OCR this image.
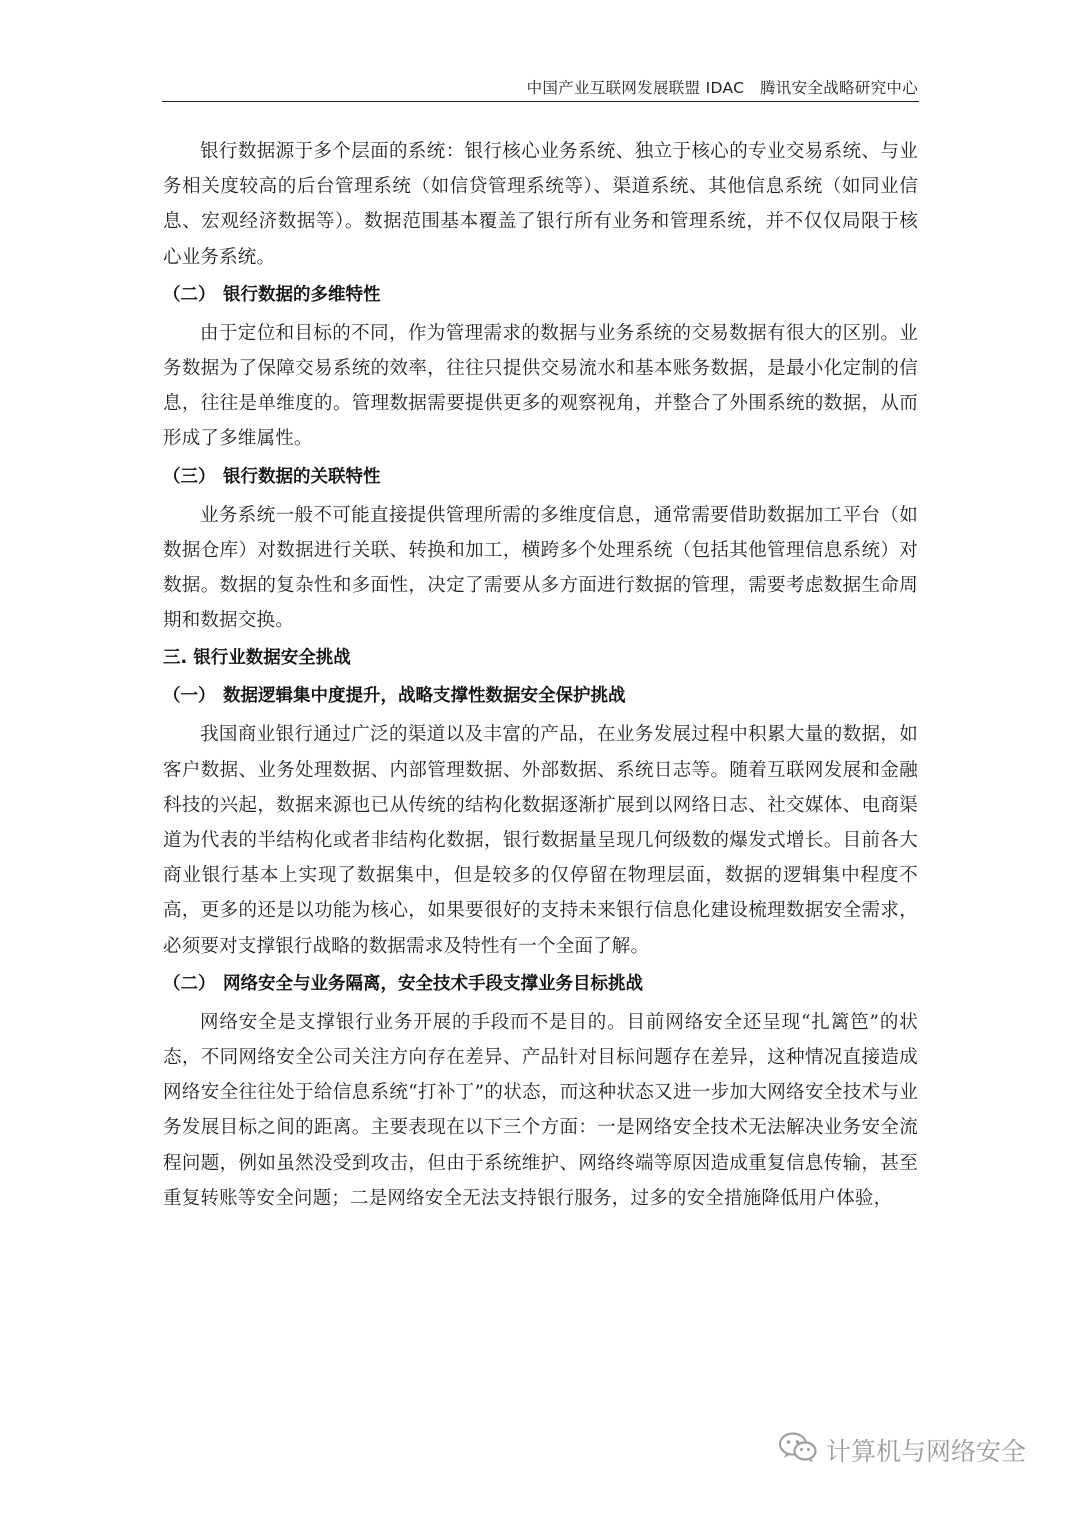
中国产业互联网发展联盟 IDAC　腾讯安全战略研究中心

银行数据源于多个层面的系统：银行核心业务系统、独立于核心的专业交易系统、与业务相关度较高的后台管理系统（如信贷管理系统等）、渠道系统、其他信息系统（如同业信息、宏观经济数据等）。数据范围基本覆盖了银行所有业务和管理系统，并不仅仅局限于核心业务系统。

（二） 银行数据的多维特性

由于定位和目标的不同，作为管理需求的数据与业务系统的交易数据有很大的区别。业务数据为了保障交易系统的效率，往往只提供交易流水和基本账务数据，是最小化定制的信息，往往是单维度的。管理数据需要提供更多的观察视角，并整合了外围系统的数据，从而形成了多维属性。

（三） 银行数据的关联特性

业务系统一般不可能直接提供管理所需的多维度信息，通常需要借助数据加工平台（如数据仓库）对数据进行关联、转换和加工，横跨多个处理系统（包括其他管理信息系统）对数据。数据的复杂性和多面性，决定了需要从多方面进行数据的管理，需要考虑数据生命周期和数据交换。

三. 银行业数据安全挑战
（一） 数据逻辑集中度提升，战略支撑性数据安全保护挑战

我国商业银行通过广泛的渠道以及丰富的产品，在业务发展过程中积累大量的数据，如客户数据、业务处理数据、内部管理数据、外部数据、系统日志等。随着互联网发展和金融科技的兴起，数据来源也已从传统的结构化数据逐渐扩展到以网络日志、社交媒体、电商渠道为代表的半结构化或者非结构化数据，银行数据量呈现几何级数的爆发式增长。目前各大商业银行基本上实现了数据集中，但是较多的仅停留在物理层面，数据的逻辑集中程度不高，更多的还是以功能为核心，如果要很好的支持未来银行信息化建设梳理数据安全需求，必须要对支撑银行战略的数据需求及特性有一个全面了解。

（二） 网络安全与业务隔离，安全技术手段支撑业务目标挑战

网络安全是支撑银行业务开展的手段而不是目的。目前网络安全还呈现“扎篱笆”的状态，不同网络安全公司关注方向存在差异、产品针对目标问题存在差异，这种情况直接造成网络安全往往处于给信息系统“打补丁”的状态，而这种状态又进一步加大网络安全技术与业务发展目标之间的距离。主要表现在以下三个方面：一是网络安全技术无法解决业务安全流程问题，例如虽然没受到攻击，但由于系统维护、网络终端等原因造成重复信息传输，甚至重复转账等安全问题；二是网络安全无法支持银行服务，过多的安全措施降低用户体验，

计算机与网络安全
